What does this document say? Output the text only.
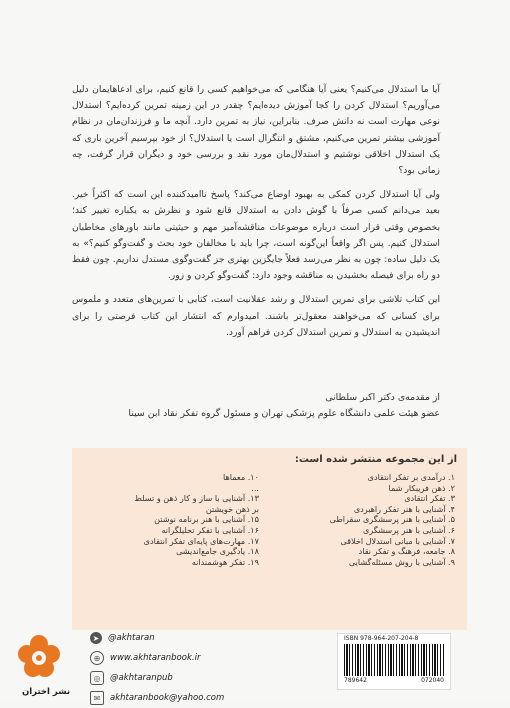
آیا ما استدلال می‌کنیم؟ یعنی آیا هنگامی که می‌خواهیم کسی را قانع کنیم، برای ادعاهایمان دلیل می‌آوریم؟ استدلال کردن را کجا آموزش دیده‌ایم؟ چقدر در این زمینه تمرین کرده‌ایم؟ استدلال نوعی مهارت است نه دانش صرف. بنابراین، نیاز به تمرین دارد. آنچه ما و فرزندان‌مان در نظام آموزشی بیشتر تمرین می‌کنیم، مشتق و انتگرال است یا استدلال؟ از خود بپرسیم آخرین باری که یک استدلال اخلاقی نوشتیم و استدلال‌مان مورد نقد و بررسی خود و دیگران قرار گرفت، چه زمانی بود؟

ولی آیا استدلال کردن کمکی به بهبود اوضاع می‌کند؟ پاسخ ناامیدکننده این است که اکثراً خیر. بعید می‌دانم کسی صرفاً با گوش دادن به استدلال قانع شود و نظرش به یکباره تغییر کند؛ بخصوص وقتی قرار است درباره موضوعات مناقشه‌آمیز مهم و حیثیتی مانند باورهای مخاطبان استدلال کنیم. پس اگر واقعاً این‌گونه است، چرا باید با مخالفان خود بحث و گفت‌وگو کنیم؟» به یک دلیل ساده: چون به نظر می‌رسد فعلاً جایگزین بهتری جز گفت‌وگوی مستدل نداریم. چون فقط دو راه برای فیصله بخشیدن به مناقشه وجود دارد: گفت‌وگو کردن و زور.

این کتاب تلاشی برای تمرین استدلال و رشد عقلانیت است، کتابی با تمرین‌های متعدد و ملموس برای کسانی که می‌خواهند معقول‌تر باشند. امیدوارم که انتشار این کتاب فرصتی را برای اندیشیدن به استدلال و تمرین استدلال کردن فراهم آورد.

از مقدمه‌ی دکتر اکبر سلطانی
عضو هیئت علمی دانشگاه علوم پزشکی تهران و مسئول گروه تفکر نقاد ابن سینا
از این مجموعه منتشر شده است:
۱. درآمدی بر تفکر انتقادی
۲. ذهن فریبکار شما
۳. تفکر انتقادی
۴. آشنایی با هنر تفکر راهبردی
۵. آشنایی با هنر پرسشگری سقراطی
۶. آشنایی با هنر پرسشگری
۷. آشنایی با مبانی استدلال اخلاقی
۸. جامعه، فرهنگ و تفکر نقاد
۹. آشنایی با روش مسئله‌گشایی
۱۰. معماها
...
۱۳. آشنایی با ساز و کار ذهن و تسلط
بر ذهن خویشتن
۱۵. آشنایی با هنر برنامه نوشتن
۱۶. آشنایی با تفکر تحلیلگرانه
۱۷. مهارت‌های پایه‌ای تفکر انتقادی
۱۸. یادگیری جامع‌اندیشی
۱۹. تفکر هوشمندانه
نشر اختران
➤	@akhtaran
⊕	www.akhtaranbook.ir
◎	@akhtaranpub
✉	akhtaranbook@yahoo.com
ISBN 978-964-207-204-8
789642	072040
